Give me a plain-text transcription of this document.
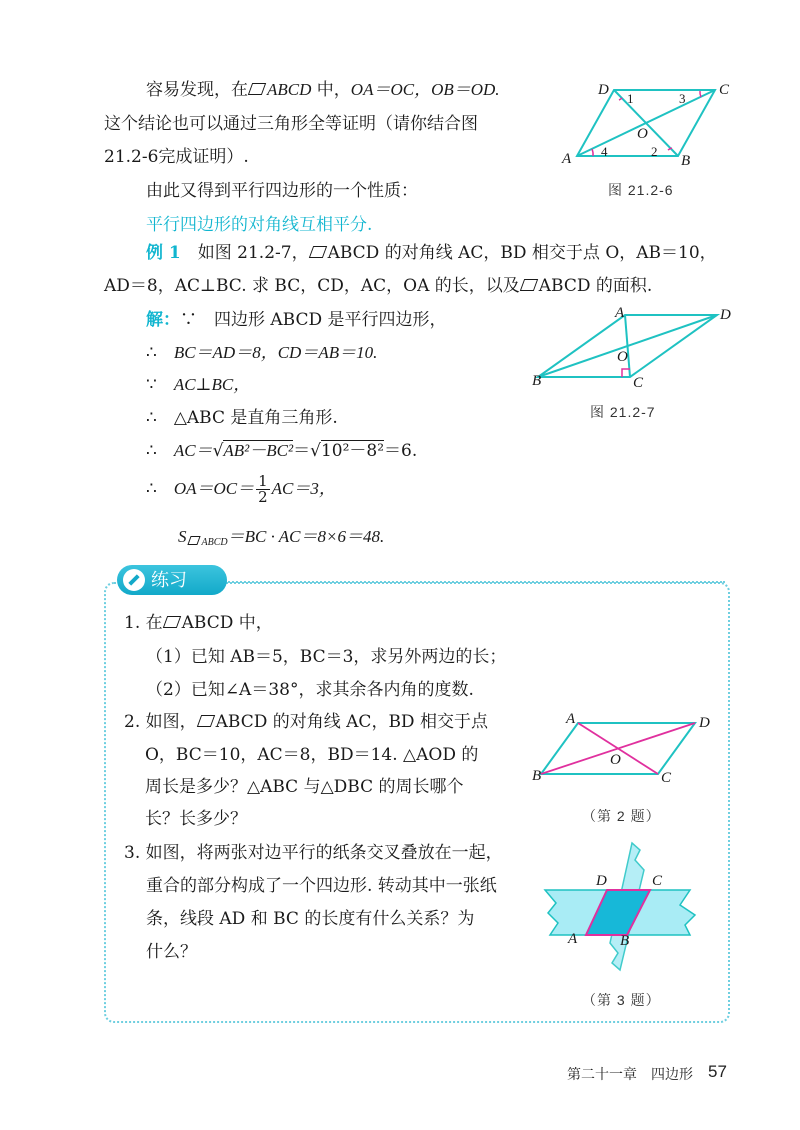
容易发现，在 ABCD 中，OA＝OC，OB＝OD.
这个结论也可以通过三角形全等证明（请你结合图
21.2-6完成证明）.
由此又得到平行四边形的一个性质：
平行四边形的对角线互相平分.
D	C
A	B
O
1	3
4	2
图 21.2-6
例 1　 如图 21.2-7， ABCD 的对角线 AC，BD 相交于点 O，AB＝10，
AD＝8，AC⊥BC. 求 BC，CD，AC，OA 的长，以及 ABCD 的面积.
解：∵　 四边形 ABCD 是平行四边形，
∴　 BC＝AD＝8，CD＝AB＝10.
∵　 AC⊥BC，
∴　 △ABC 是直角三角形.
∴　 AC＝√AB²－BC²＝√10²－8²＝6.
∴　 $OA=OC= \frac{1}{2} AC=3$，
S ABCD＝BC · AC＝8×6＝48.
A	D
B	C
O
图 21.2-7
练习
1. 在 ABCD 中，
（1）已知 AB＝5，BC＝3，求另外两边的长；
（2）已知∠A＝38°，求其余各内角的度数.
2. 如图， ABCD 的对角线 AC，BD 相交于点
O，BC＝10，AC＝8，BD＝14. △AOD 的
周长是多少？△ABC 与△DBC 的周长哪个
长？长多少？
A	D
B	C
O
（第 2 题）
3. 如图，将两张对边平行的纸条交叉叠放在一起，
重合的部分构成了一个四边形. 转动其中一张纸
条，线段 AD 和 BC 的长度有什么关系？为
什么？
D	C
A	B
（第 3 题）
第二十一章　四边形 57
